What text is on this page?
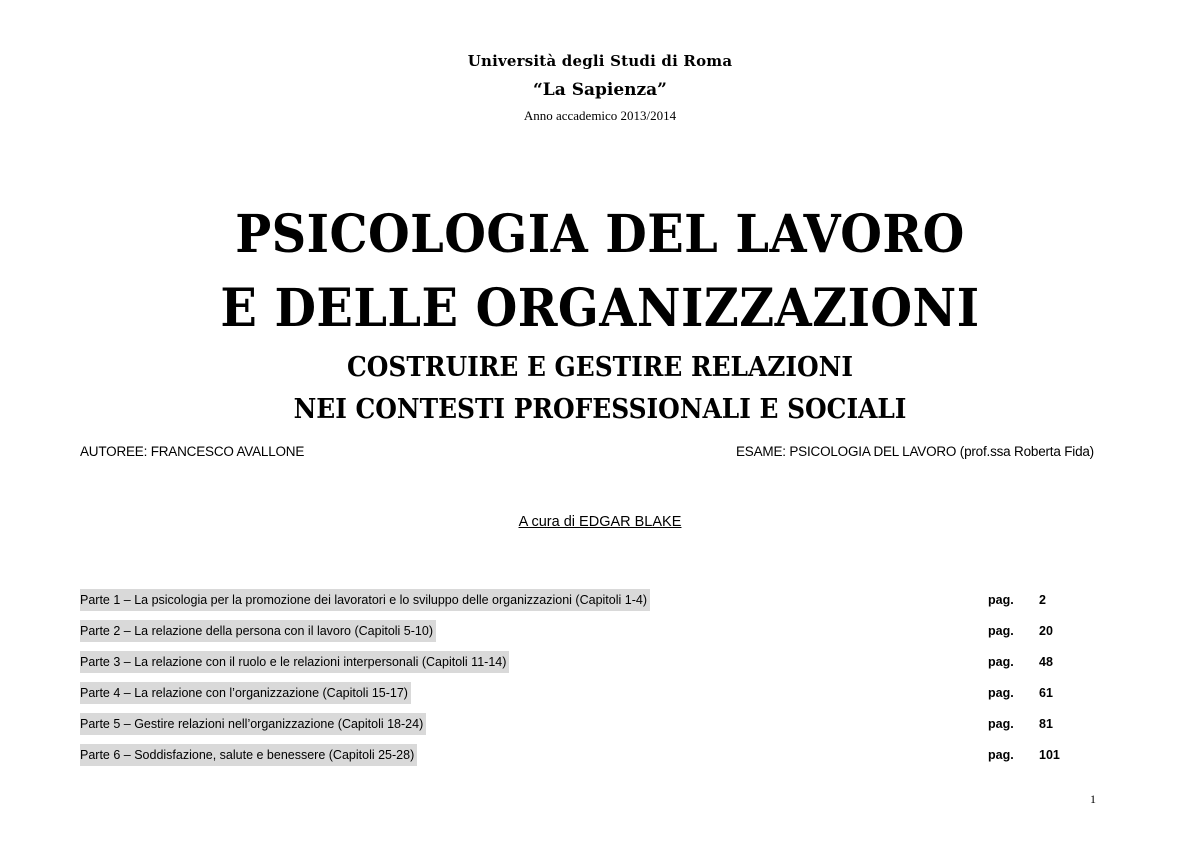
Università degli Studi di Roma
“La Sapienza”
Anno accademico 2013/2014
PSICOLOGIA DEL LAVORO
E DELLE ORGANIZZAZIONI
COSTRUIRE E GESTIRE RELAZIONI
NEI CONTESTI PROFESSIONALI E SOCIALI
AUTOREE: FRANCESCO AVALLONE	ESAME: PSICOLOGIA DEL LAVORO (prof.ssa Roberta Fida)
A cura di EDGAR BLAKE
Parte 1 – La psicologia per la promozione dei lavoratori e lo sviluppo delle organizzazioni (Capitoli 1-4)	pag. 2
Parte 2 – La relazione della persona con il lavoro (Capitoli 5-10)	pag. 20
Parte 3 – La relazione con il ruolo e le relazioni interpersonali (Capitoli 11-14)	pag. 48
Parte 4 – La relazione con l’organizzazione (Capitoli 15-17)	pag. 61
Parte 5 – Gestire relazioni nell’organizzazione (Capitoli 18-24)	pag. 81
Parte 6 – Soddisfazione, salute e benessere (Capitoli 25-28)	pag. 101
1
